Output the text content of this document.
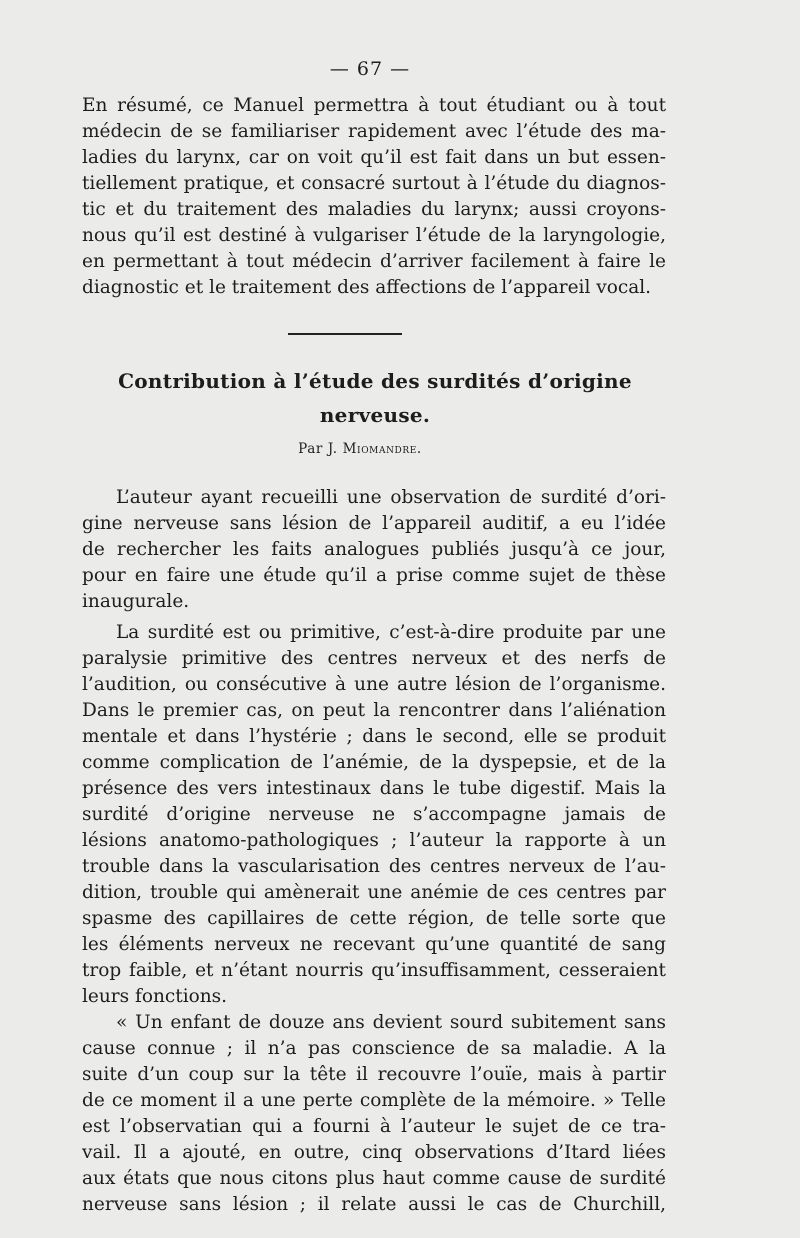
— 67 —
En résumé, ce Manuel permettra à tout étudiant ou à tout
médecin de se familiariser rapidement avec l’étude des ma-
ladies du larynx, car on voit qu’il est fait dans un but essen-
tiellement pratique, et consacré surtout à l’étude du diagnos-
tic et du traitement des maladies du larynx; aussi croyons-
nous qu’il est destiné à vulgariser l’étude de la laryngologie,
en permettant à tout médecin d’arriver facilement à faire le
diagnostic et le traitement des affections de l’appareil vocal.
Contribution à l’étude des surdités d’origine
nerveuse.
Par J. Miomandre.
L’auteur ayant recueilli une observation de surdité d’ori-
gine nerveuse sans lésion de l’appareil auditif, a eu l’idée
de rechercher les faits analogues publiés jusqu’à ce jour,
pour en faire une étude qu’il a prise comme sujet de thèse
inaugurale.
La surdité est ou primitive, c’est-à-dire produite par une
paralysie primitive des centres nerveux et des nerfs de
l’audition, ou consécutive à une autre lésion de l’organisme.
Dans le premier cas, on peut la rencontrer dans l’aliénation
mentale et dans l’hystérie ; dans le second, elle se produit
comme complication de l’anémie, de la dyspepsie, et de la
présence des vers intestinaux dans le tube digestif. Mais la
surdité d’origine nerveuse ne s’accompagne jamais de
lésions anatomo-pathologiques ; l’auteur la rapporte à un
trouble dans la vascularisation des centres nerveux de l’au-
dition, trouble qui amènerait une anémie de ces centres par
spasme des capillaires de cette région, de telle sorte que
les éléments nerveux ne recevant qu’une quantité de sang
trop faible, et n’étant nourris qu’insuffisamment, cesseraient
leurs fonctions.
« Un enfant de douze ans devient sourd subitement sans
cause connue ; il n’a pas conscience de sa maladie. A la
suite d’un coup sur la tête il recouvre l’ouïe, mais à partir
de ce moment il a une perte complète de la mémoire. » Telle
est l’observatian qui a fourni à l’auteur le sujet de ce tra-
vail. Il a ajouté, en outre, cinq observations d’Itard liées
aux états que nous citons plus haut comme cause de surdité
nerveuse sans lésion ; il relate aussi le cas de Churchill,
